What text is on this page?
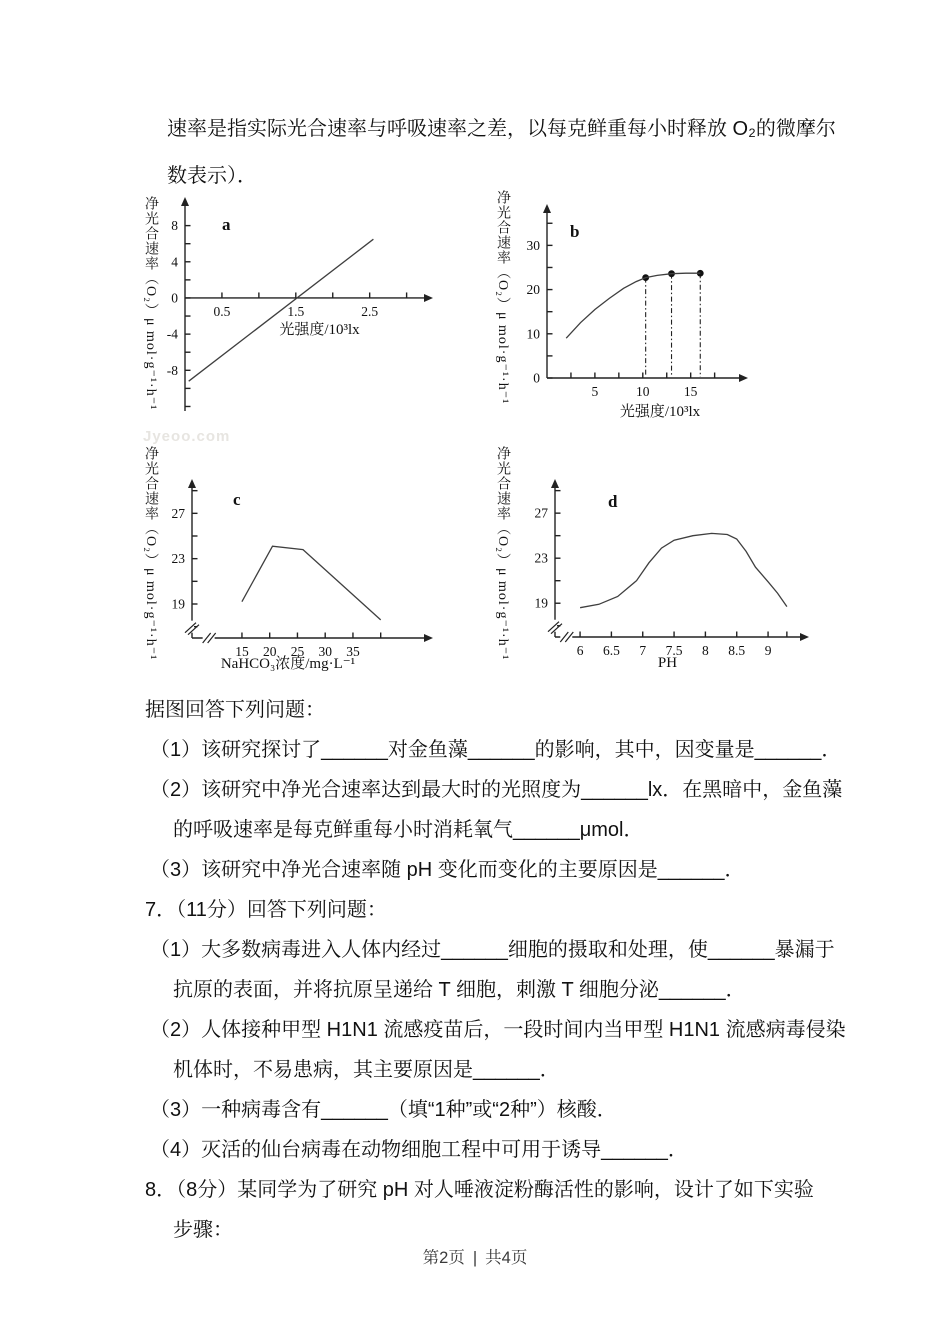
速率是指实际光合速率与呼吸速率之差，以每克鲜重每小时释放 O₂的微摩尔
数表示）．
Jyeoo.com
净光合速率（O₂）μ mol·g⁻¹·h⁻¹ -8
-4
0
4
8
0.5	1.5	2.5
a
光强度/10³lx	净光合速率（O₂）μ mol·g⁻¹·h⁻¹ 0
10
20
30
5	10	15
b
光强度/10³lx
净光合速率（O₂）μ mol·g⁻¹·h⁻¹ 19
23
27
15 20 25 30 35
c
NaHCO₃浓度/mg·L⁻¹
净光合速率（O₂）μ mol·g⁻¹·h⁻¹ 19
23
27
6 6.5 7 7.5 8 8.5 9
d
PH
据图回答下列问题：
（1）该研究探讨了______对金鱼藻______的影响，其中，因变量是______．
（2）该研究中净光合速率达到最大时的光照度为______lx．在黑暗中，金鱼藻
的呼吸速率是每克鲜重每小时消耗氧气______μmol．
（3）该研究中净光合速率随 pH 变化而变化的主要原因是______．
7．（11分）回答下列问题：
（1）大多数病毒进入人体内经过______细胞的摄取和处理，使______暴漏于
抗原的表面，并将抗原呈递给 T 细胞，刺激 T 细胞分泌______．
（2）人体接种甲型 H1N1 流感疫苗后，一段时间内当甲型 H1N1 流感病毒侵染
机体时，不易患病，其主要原因是______．
（3）一种病毒含有______（填“1种”或“2种”）核酸．
（4）灭活的仙台病毒在动物细胞工程中可用于诱导______．
8．（8分）某同学为了研究 pH 对人唾液淀粉酶活性的影响，设计了如下实验
步骤：
第2页 | 共4页
